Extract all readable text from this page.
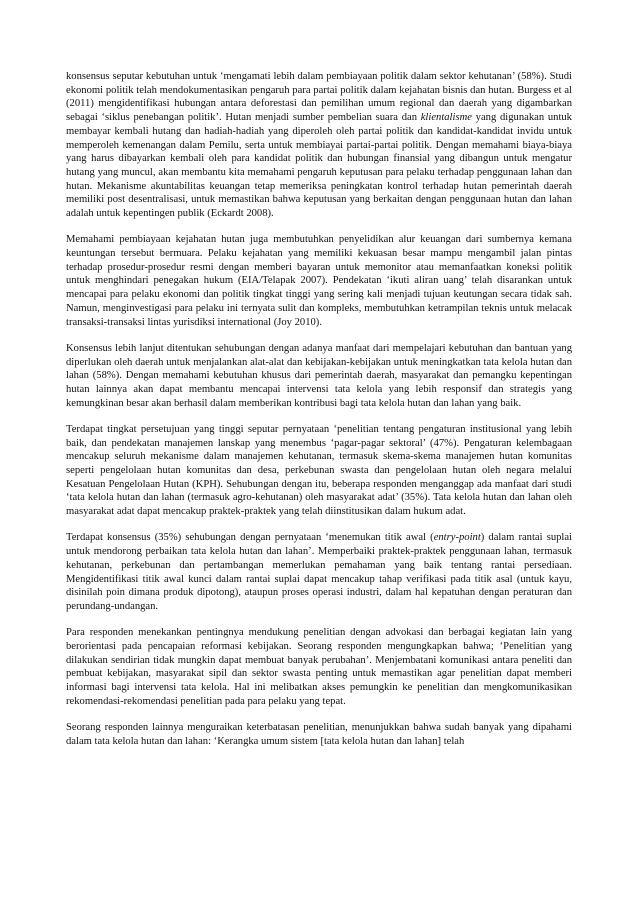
konsensus seputar kebutuhan untuk ‘mengamati lebih dalam pembiayaan politik dalam sektor kehutanan’ (58%). Studi ekonomi politik telah mendokumentasikan pengaruh para partai politik dalam kejahatan bisnis dan hutan. Burgess et al (2011) mengidentifikasi hubungan antara deforestasi dan pemilihan umum regional dan daerah yang digambarkan sebagai ‘siklus penebangan politik’. Hutan menjadi sumber pembelian suara dan klientalisme yang digunakan untuk membayar kembali hutang dan hadiah-hadiah yang diperoleh oleh partai politik dan kandidat-kandidat invidu untuk memperoleh kemenangan dalam Pemilu, serta untuk membiayai partai-partai politik. Dengan memahami biaya-biaya yang harus dibayarkan kembali oleh para kandidat politik dan hubungan finansial yang dibangun untuk mengatur hutang yang muncul, akan membantu kita memahami pengaruh keputusan para pelaku terhadap penggunaan lahan dan hutan. Mekanisme akuntabilitas keuangan tetap memeriksa peningkatan kontrol terhadap hutan pemerintah daerah memiliki post desentralisasi, untuk memastikan bahwa keputusan yang berkaitan dengan penggunaan hutan dan lahan adalah untuk kepentingen publik (Eckardt 2008).

Memahami pembiayaan kejahatan hutan juga membutuhkan penyelidikan alur keuangan dari sumbernya kemana keuntungan tersebut bermuara. Pelaku kejahatan yang memiliki kekuasan besar mampu mengambil jalan pintas terhadap prosedur-prosedur resmi dengan memberi bayaran untuk memonitor atau memanfaatkan koneksi politik untuk menghindari penegakan hukum (EIA/Telapak 2007). Pendekatan ‘ikuti aliran uang’ telah disarankan untuk mencapai para pelaku ekonomi dan politik tingkat tinggi yang sering kali menjadi tujuan keutungan secara tidak sah. Namun, menginvestigasi para pelaku ini ternyata sulit dan kompleks, membutuhkan ketrampilan teknis untuk melacak transaksi-transaksi lintas yurisdiksi international (Joy 2010).

Konsensus lebih lanjut ditentukan sehubungan dengan adanya manfaat dari mempelajari kebutuhan dan bantuan yang diperlukan oleh daerah untuk menjalankan alat-alat dan kebijakan-kebijakan untuk meningkatkan tata kelola hutan dan lahan (58%). Dengan memahami kebutuhan khusus dari pemerintah daerah, masyarakat dan pemangku kepentingan hutan lainnya akan dapat membantu mencapai intervensi tata kelola yang lebih responsif dan strategis yang kemungkinan besar akan berhasil dalam memberikan kontribusi bagi tata kelola hutan dan lahan yang baik.

Terdapat tingkat persetujuan yang tinggi seputar pernyataan ‘penelitian tentang pengaturan institusional yang lebih baik, dan pendekatan manajemen lanskap yang menembus ‘pagar-pagar sektoral’ (47%). Pengaturan kelembagaan mencakup seluruh mekanisme dalam manajemen kehutanan, termasuk skema-skema manajemen hutan komunitas seperti pengelolaan hutan komunitas dan desa, perkebunan swasta dan pengelolaan hutan oleh negara melalui Kesatuan Pengelolaan Hutan (KPH). Sehubungan dengan itu, beberapa responden menganggap ada manfaat dari studi ‘tata kelola hutan dan lahan (termasuk agro-kehutanan) oleh masyarakat adat’ (35%). Tata kelola hutan dan lahan oleh masyarakat adat dapat mencakup praktek-praktek yang telah diinstitusikan dalam hukum adat.

Terdapat konsensus (35%) sehubungan dengan pernyataan ‘menemukan titik awal (entry-point) dalam rantai suplai untuk mendorong perbaikan tata kelola hutan dan lahan’. Memperbaiki praktek-praktek penggunaan lahan, termasuk kehutanan, perkebunan dan pertambangan memerlukan pemahaman yang baik tentang rantai persediaan. Mengidentifikasi titik awal kunci dalam rantai suplai dapat mencakup tahap verifikasi pada titik asal (untuk kayu, disinilah poin dimana produk dipotong), ataupun proses operasi industri, dalam hal kepatuhan dengan peraturan dan perundang-undangan.

Para responden menekankan pentingnya mendukung penelitian dengan advokasi dan berbagai kegiatan lain yang berorientasi pada pencapaian reformasi kebijakan. Seorang responden mengungkapkan bahwa; ‘Penelitian yang dilakukan sendirian tidak mungkin dapat membuat banyak perubahan’. Menjembatani komunikasi antara peneliti dan pembuat kebijakan, masyarakat sipil dan sektor swasta penting untuk memastikan agar penelitian dapat memberi informasi bagi intervensi tata kelola. Hal ini melibatkan akses pemungkin ke penelitian dan mengkomunikasikan rekomendasi-rekomendasi penelitian pada para pelaku yang tepat.

Seorang responden lainnya menguraikan keterbatasan penelitian, menunjukkan bahwa sudah banyak yang dipahami dalam tata kelola hutan dan lahan: ‘Kerangka umum sistem [tata kelola hutan dan lahan] telah
